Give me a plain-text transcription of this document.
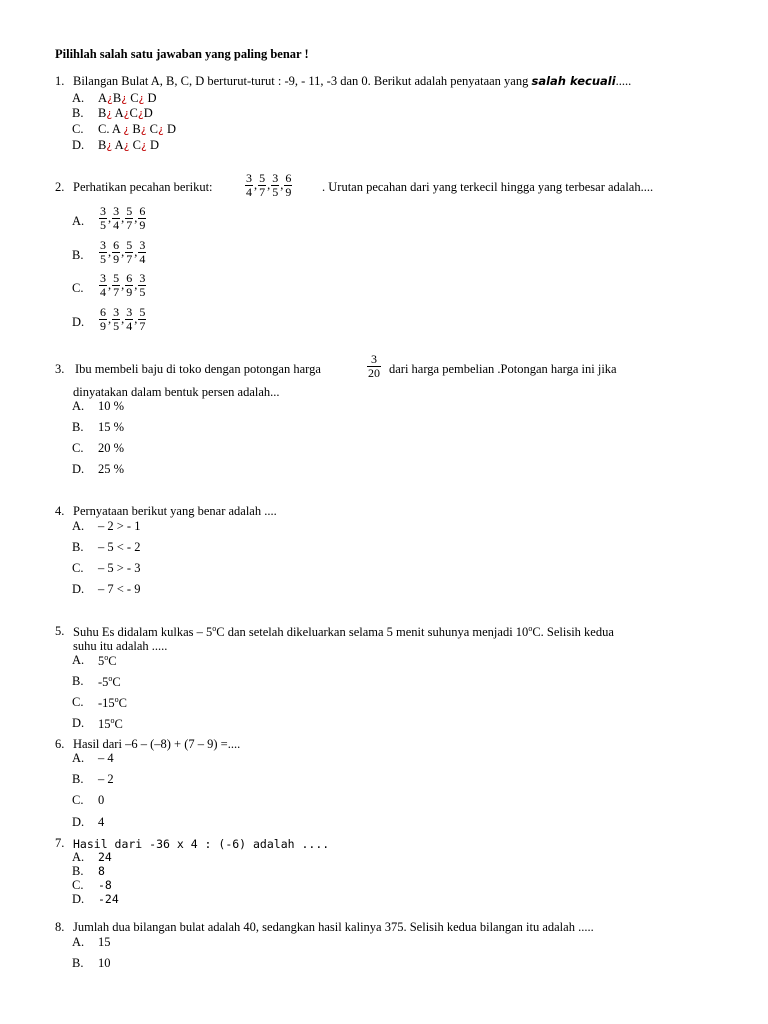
Pilihlah salah satu jawaban yang paling benar !
1. Bilangan Bulat A, B, C, D berturut-turut : -9, - 11, -3 dan 0. Berikut adalah penyataan yang salah kecuali.....
A. A¿B¿ C¿ D
B. B¿ A¿C¿D
C. C. A ¿ B¿ C¿ D
D. B¿ A¿ C¿ D
2. Perhatikan pecahan berikut:	$\frac{3}{4}$ , $\frac{5}{7}$ , $\frac{3}{5}$ , $\frac{6}{9}$ . Urutan pecahan dari yang terkecil hingga yang terbesar adalah....
A. $\frac{3}{5}$ , $\frac{3}{4}$ , $\frac{5}{7}$ , $\frac{6}{9}$
B. $\frac{3}{5}$ , $\frac{6}{9}$ , $\frac{5}{7}$ , $\frac{3}{4}$
C. $\frac{3}{4}$ , $\frac{5}{7}$ , $\frac{6}{9}$ , $\frac{3}{5}$
D. $\frac{6}{9}$ , $\frac{3}{5}$ , $\frac{3}{4}$ , $\frac{5}{7}$
3. Ibu membeli baju di toko dengan potongan harga	$\frac{3}{20}$ dari harga pembelian .Potongan harga ini jika
dinyatakan dalam bentuk persen adalah...
A. 10 %
B. 15 %
C. 20 %
D. 25 %
4. Pernyataan berikut yang benar adalah ....
A. – 2 > - 1
B. – 5 < - 2
C. – 5 > - 3
D. – 7 < - 9
5. Suhu Es didalam kulkas – 5$^o$C dan setelah dikeluarkan selama 5 menit suhunya menjadi 10$^o$C. Selisih kedua
suhu itu adalah .....
A. 5$^o$C
B. -5$^o$C
C. -15$^o$C
D. 15$^o$C
6. Hasil dari –6 – (–8) + (7 – 9) =....
A. – 4
B. – 2
C. 0
D. 4
7. Hasil dari -36 x 4 : (-6) adalah ....
A. 24
B. 8
C. -8
D. -24
8. Jumlah dua bilangan bulat adalah 40, sedangkan hasil kalinya 375. Selisih kedua bilangan itu adalah .....
A. 15
B. 10
